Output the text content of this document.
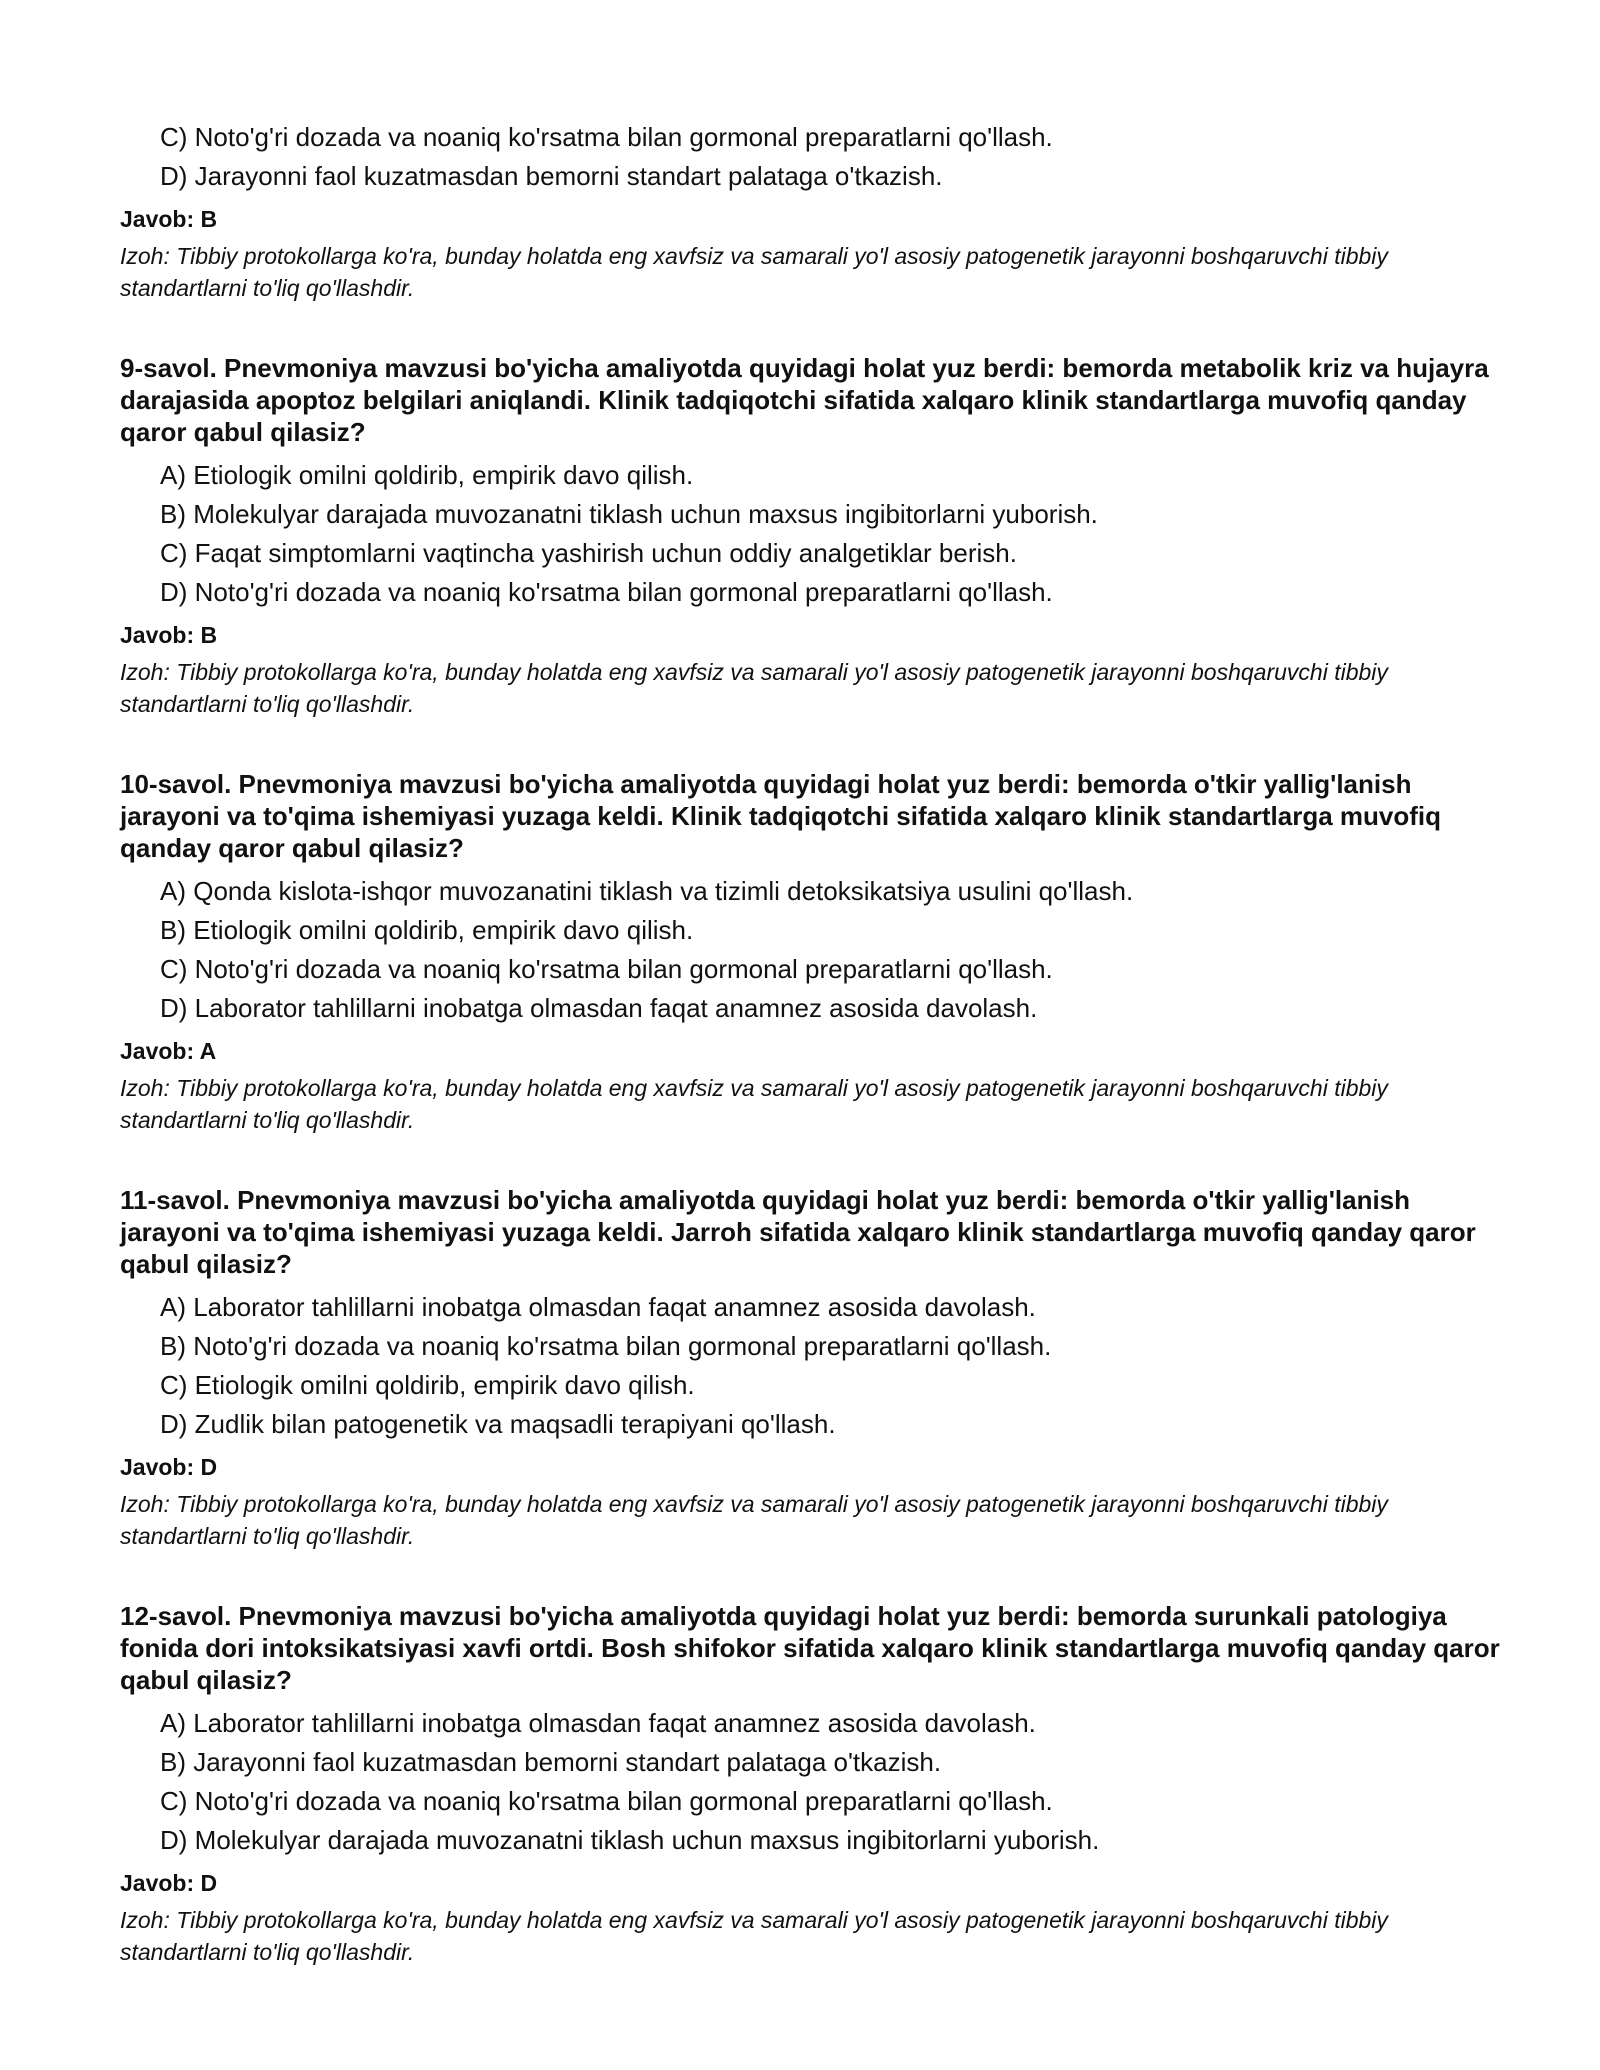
C) Noto'g'ri dozada va noaniq ko'rsatma bilan gormonal preparatlarni qo'llash.
D) Jarayonni faol kuzatmasdan bemorni standart palataga o'tkazish.
Javob: B
Izoh: Tibbiy protokollarga ko'ra, bunday holatda eng xavfsiz va samarali yo'l asosiy patogenetik jarayonni boshqaruvchi tibbiy standartlarni to'liq qo'llashdir.
9-savol. Pnevmoniya mavzusi bo'yicha amaliyotda quyidagi holat yuz berdi: bemorda metabolik kriz va hujayra darajasida apoptoz belgilari aniqlandi. Klinik tadqiqotchi sifatida xalqaro klinik standartlarga muvofiq qanday qaror qabul qilasiz?
A) Etiologik omilni qoldirib, empirik davo qilish.
B) Molekulyar darajada muvozanatni tiklash uchun maxsus ingibitorlarni yuborish.
C) Faqat simptomlarni vaqtincha yashirish uchun oddiy analgetiklar berish.
D) Noto'g'ri dozada va noaniq ko'rsatma bilan gormonal preparatlarni qo'llash.
Javob: B
Izoh: Tibbiy protokollarga ko'ra, bunday holatda eng xavfsiz va samarali yo'l asosiy patogenetik jarayonni boshqaruvchi tibbiy standartlarni to'liq qo'llashdir.
10-savol. Pnevmoniya mavzusi bo'yicha amaliyotda quyidagi holat yuz berdi: bemorda o'tkir yallig'lanish jarayoni va to'qima ishemiyasi yuzaga keldi. Klinik tadqiqotchi sifatida xalqaro klinik standartlarga muvofiq qanday qaror qabul qilasiz?
A) Qonda kislota-ishqor muvozanatini tiklash va tizimli detoksikatsiya usulini qo'llash.
B) Etiologik omilni qoldirib, empirik davo qilish.
C) Noto'g'ri dozada va noaniq ko'rsatma bilan gormonal preparatlarni qo'llash.
D) Laborator tahlillarni inobatga olmasdan faqat anamnez asosida davolash.
Javob: A
Izoh: Tibbiy protokollarga ko'ra, bunday holatda eng xavfsiz va samarali yo'l asosiy patogenetik jarayonni boshqaruvchi tibbiy standartlarni to'liq qo'llashdir.
11-savol. Pnevmoniya mavzusi bo'yicha amaliyotda quyidagi holat yuz berdi: bemorda o'tkir yallig'lanish jarayoni va to'qima ishemiyasi yuzaga keldi. Jarroh sifatida xalqaro klinik standartlarga muvofiq qanday qaror qabul qilasiz?
A) Laborator tahlillarni inobatga olmasdan faqat anamnez asosida davolash.
B) Noto'g'ri dozada va noaniq ko'rsatma bilan gormonal preparatlarni qo'llash.
C) Etiologik omilni qoldirib, empirik davo qilish.
D) Zudlik bilan patogenetik va maqsadli terapiyani qo'llash.
Javob: D
Izoh: Tibbiy protokollarga ko'ra, bunday holatda eng xavfsiz va samarali yo'l asosiy patogenetik jarayonni boshqaruvchi tibbiy standartlarni to'liq qo'llashdir.
12-savol. Pnevmoniya mavzusi bo'yicha amaliyotda quyidagi holat yuz berdi: bemorda surunkali patologiya fonida dori intoksikatsiyasi xavfi ortdi. Bosh shifokor sifatida xalqaro klinik standartlarga muvofiq qanday qaror qabul qilasiz?
A) Laborator tahlillarni inobatga olmasdan faqat anamnez asosida davolash.
B) Jarayonni faol kuzatmasdan bemorni standart palataga o'tkazish.
C) Noto'g'ri dozada va noaniq ko'rsatma bilan gormonal preparatlarni qo'llash.
D) Molekulyar darajada muvozanatni tiklash uchun maxsus ingibitorlarni yuborish.
Javob: D
Izoh: Tibbiy protokollarga ko'ra, bunday holatda eng xavfsiz va samarali yo'l asosiy patogenetik jarayonni boshqaruvchi tibbiy standartlarni to'liq qo'llashdir.
